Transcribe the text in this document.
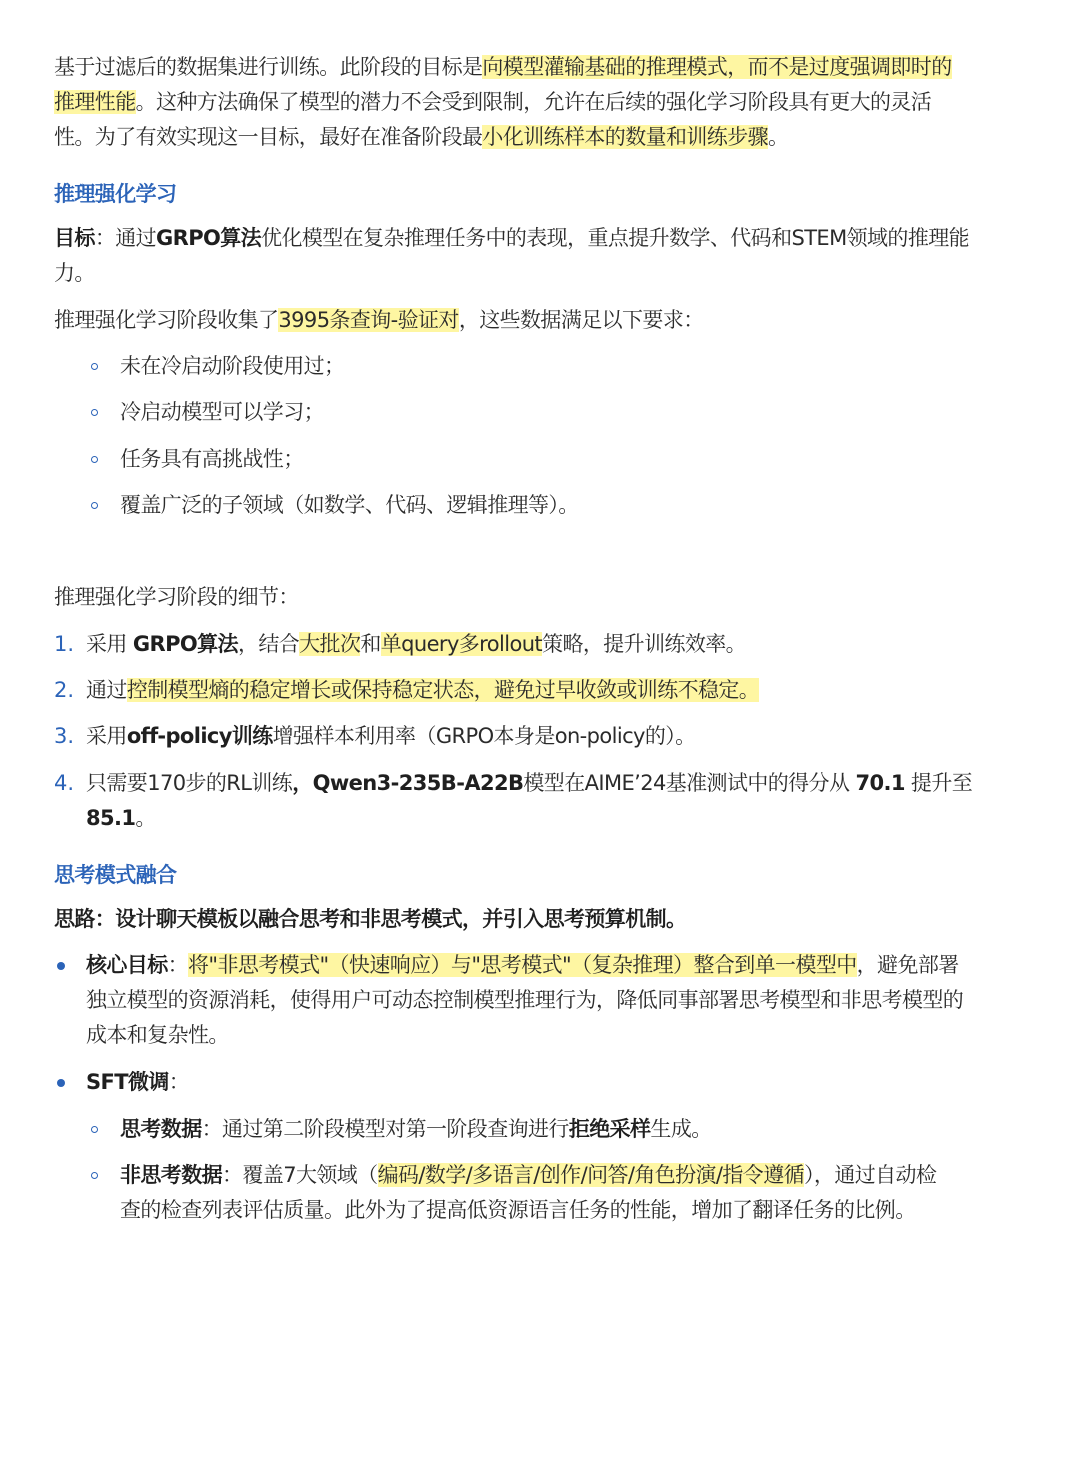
基于过滤后的数据集进行训练。此阶段的目标是向模型灌输基础的推理模式，而不是过度强调即时的
推理性能。这种方法确保了模型的潜力不会受到限制，允许在后续的强化学习阶段具有更大的灵活
性。为了有效实现这一目标，最好在准备阶段最小化训练样本的数量和训练步骤。
推理强化学习
目标：通过GRPO算法优化模型在复杂推理任务中的表现，重点提升数学、代码和STEM领域的推理能
力。
推理强化学习阶段收集了3995条查询-验证对，这些数据满足以下要求：
未在冷启动阶段使用过；
冷启动模型可以学习；
任务具有高挑战性；
覆盖广泛的子领域（如数学、代码、逻辑推理等）。
推理强化学习阶段的细节：
1. 采用 GRPO算法，结合大批次和单query多rollout策略，提升训练效率。
2. 通过控制模型熵的稳定增长或保持稳定状态，避免过早收敛或训练不稳定。
3. 采用off-policy训练增强样本利用率（GRPO本身是on-policy的）。
4. 只需要170步的RL训练，Qwen3-235B-A22B模型在AIME’24基准测试中的得分从 70.1 提升至
85.1。
思考模式融合
思路：设计聊天模板以融合思考和非思考模式，并引入思考预算机制。
核心目标：将"非思考模式"（快速响应）与"思考模式"（复杂推理）整合到单一模型中，避免部署
独立模型的资源消耗，使得用户可动态控制模型推理行为，降低同事部署思考模型和非思考模型的
成本和复杂性。
SFT微调：
思考数据：通过第二阶段模型对第一阶段查询进行拒绝采样生成。
非思考数据：覆盖7大领域（编码/数学/多语言/创作/问答/角色扮演/指令遵循），通过自动检
查的检查列表评估质量。此外为了提高低资源语言任务的性能，增加了翻译任务的比例。
